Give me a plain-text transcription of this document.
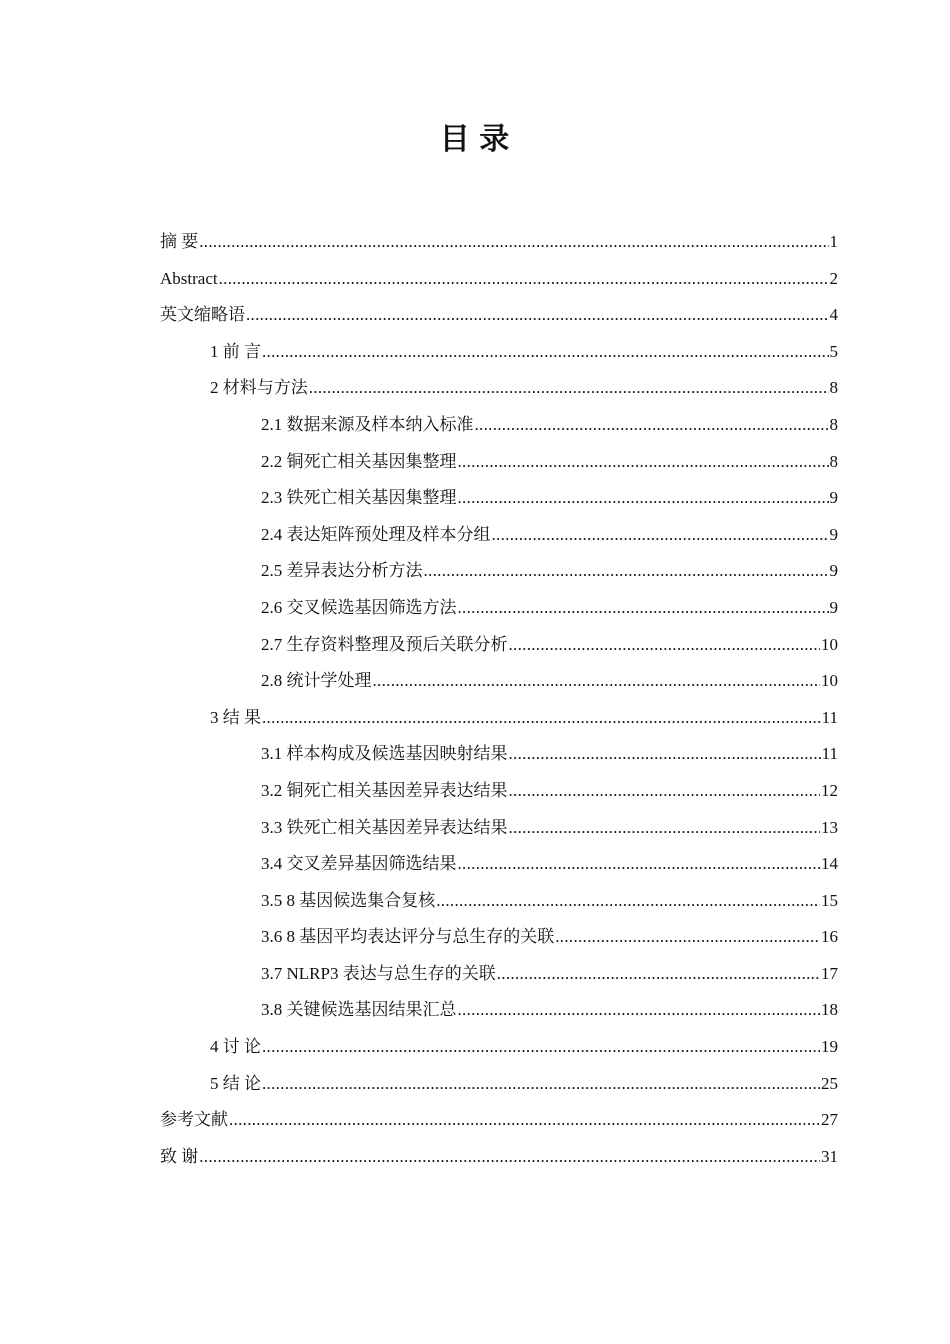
目 录
摘 要 .....	1
Abstract .....	2
英文缩略语 .....	4
1 前 言 .....	5
2 材料与方法 .....	8
2.1 数据来源及样本纳入标准 .....	8
2.2 铜死亡相关基因集整理 .....	8
2.3 铁死亡相关基因集整理 .....	9
2.4 表达矩阵预处理及样本分组 .....	9
2.5 差异表达分析方法 .....	9
2.6 交叉候选基因筛选方法 .....	9
2.7 生存资料整理及预后关联分析 .....	10
2.8 统计学处理 .....	10
3 结 果 .....	11
3.1 样本构成及候选基因映射结果 .....	11
3.2 铜死亡相关基因差异表达结果 .....	12
3.3 铁死亡相关基因差异表达结果 .....	13
3.4 交叉差异基因筛选结果 .....	14
3.5 8 基因候选集合复核 .....	15
3.6 8 基因平均表达评分与总生存的关联 .....	16
3.7 NLRP3 表达与总生存的关联 .....	17
3.8 关键候选基因结果汇总 .....	18
4 讨 论 .....	19
5 结 论 .....	25
参考文献 .....	27
致 谢 .....	31
